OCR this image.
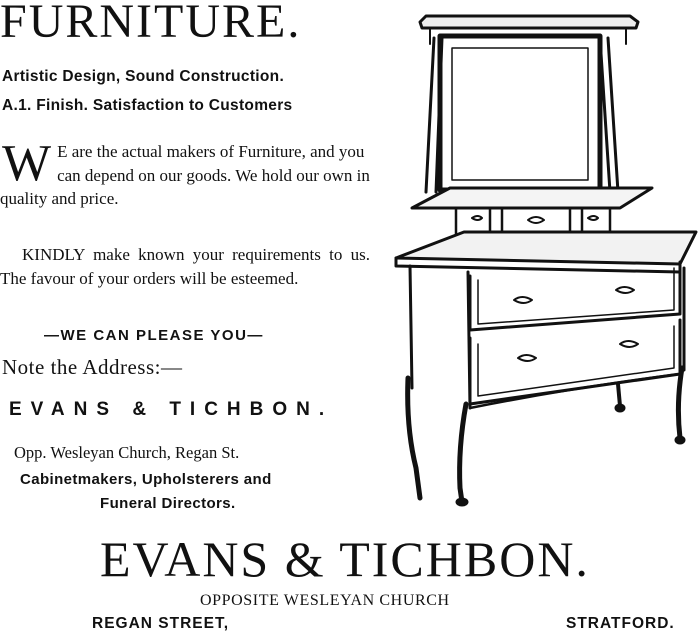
FURNITURE.
Artistic Design, Sound Construction.
A.1. Finish. Satisfaction to Customers
W E are the actual makers of Furniture, and you can depend on our goods. We hold our own in quality and price.
KINDLY make known your requirements to us. The favour of your orders will be esteemed.
—WE CAN PLEASE YOU—
Note the Address:—
EVANS & TICHBON.
Opp. Wesleyan Church, Regan St.
Cabinetmakers, Upholsterers and
Funeral Directors.
EVANS & TICHBON.
OPPOSITE WESLEYAN CHURCH
REGAN STREET,	STRATFORD.
